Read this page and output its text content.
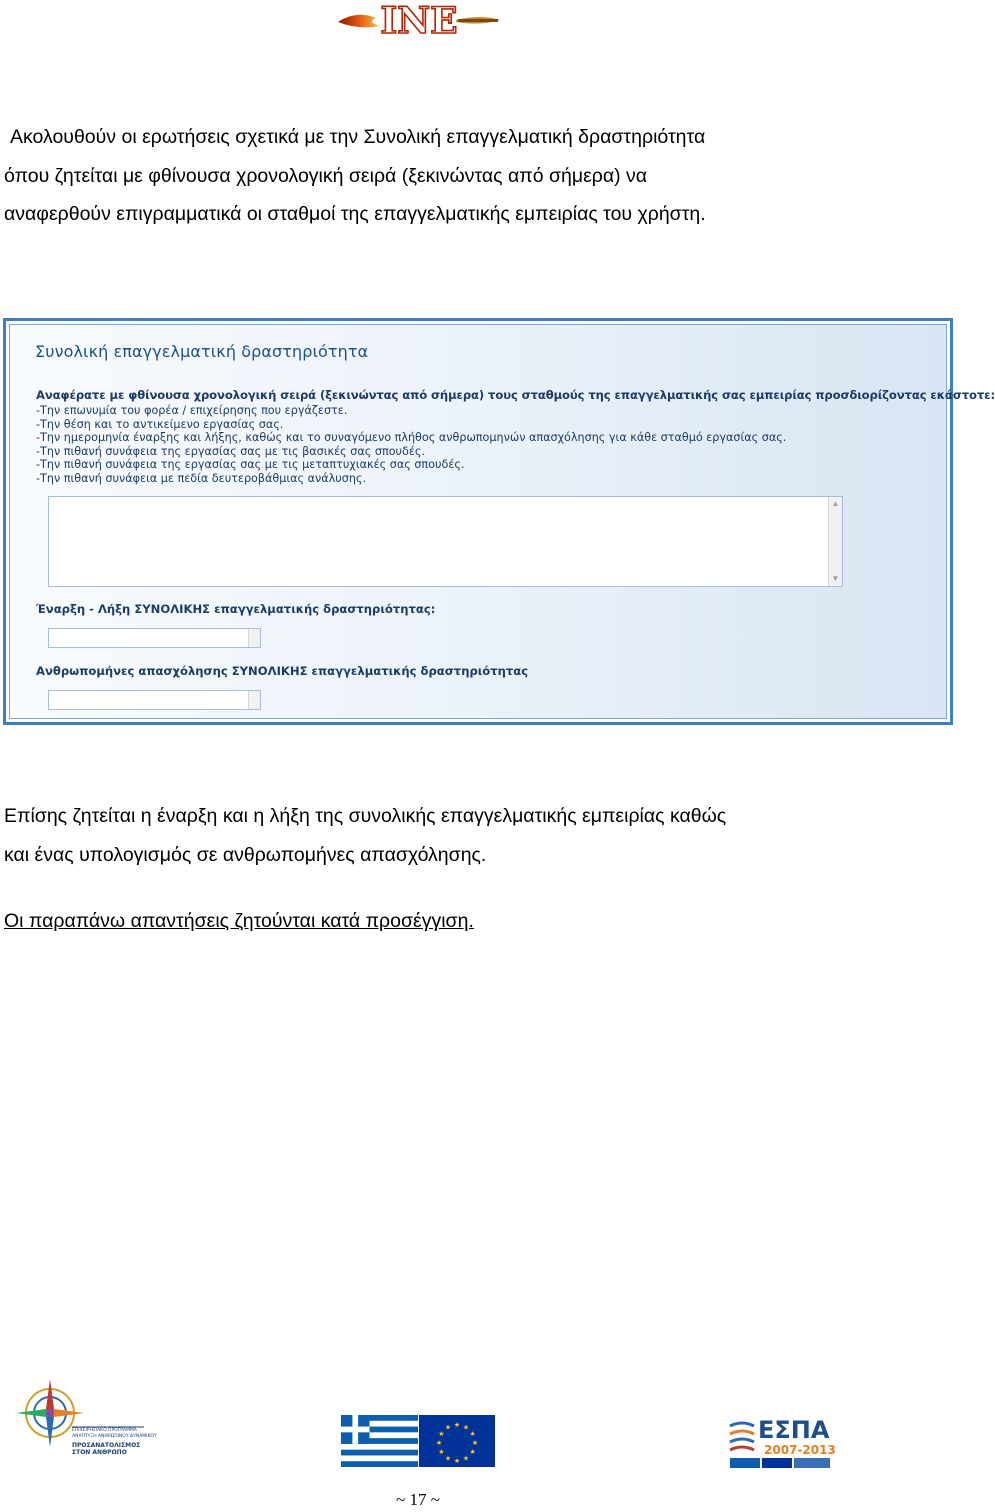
INE
Ακολουθούν οι ερωτήσεις σχετικά με την Συνολική επαγγελματική δραστηριότητα
όπου ζητείται με φθίνουσα χρονολογική σειρά (ξεκινώντας από σήμερα) να
αναφερθούν επιγραμματικά οι σταθμοί της επαγγελματικής εμπειρίας του χρήστη.
Συνολική επαγγελματική δραστηριότητα
Αναφέρατε με φθίνουσα χρονολογική σειρά (ξεκινώντας από σήμερα) τους σταθμούς της επαγγελματικής σας εμπειρίας προσδιορίζοντας εκάστοτε:
-Την επωνυμία του φορέα / επιχείρησης που εργάζεστε.
-Την θέση και το αντικείμενο εργασίας σας.
-Την ημερομηνία έναρξης και λήξης, καθώς και το συναγόμενο πλήθος ανθρωπομηνών απασχόλησης για κάθε σταθμό εργασίας σας.
-Την πιθανή συνάφεια της εργασίας σας με τις βασικές σας σπουδές.
-Την πιθανή συνάφεια της εργασίας σας με τις μεταπτυχιακές σας σπουδές.
-Την πιθανή συνάφεια με πεδία δευτεροβάθμιας ανάλυσης.
▲
▼
Έναρξη - Λήξη ΣΥΝΟΛΙΚΗΣ επαγγελματικής δραστηριότητας:
Ανθρωπομήνες απασχόλησης ΣΥΝΟΛΙΚΗΣ επαγγελματικής δραστηριότητας
Επίσης ζητείται η έναρξη και η λήξη της συνολικής επαγγελματικής εμπειρίας καθώς
και ένας υπολογισμός σε ανθρωπομήνες απασχόλησης.
Οι παραπάνω απαντήσεις ζητούνται κατά προσέγγιση.
ΕΠΙΧΕΙΡΗΣΙΑΚΟ ΠΡΟΓΡΑΜΜΑ
ΑΝΑΠΤΥΞΗ ΑΝΘΡΩΠΙΝΟΥ ΔΥΝΑΜΙΚΟΥ
ΠΡΟΣΑΝΑΤΟΛΙΣΜΟΣ
ΣΤΟΝ ΑΝΘΡΩΠΟ
★ ★
★
★
★
★
★
★
★
★
★
★	ΕΣΠΑ
2007-2013
~ 17 ~
